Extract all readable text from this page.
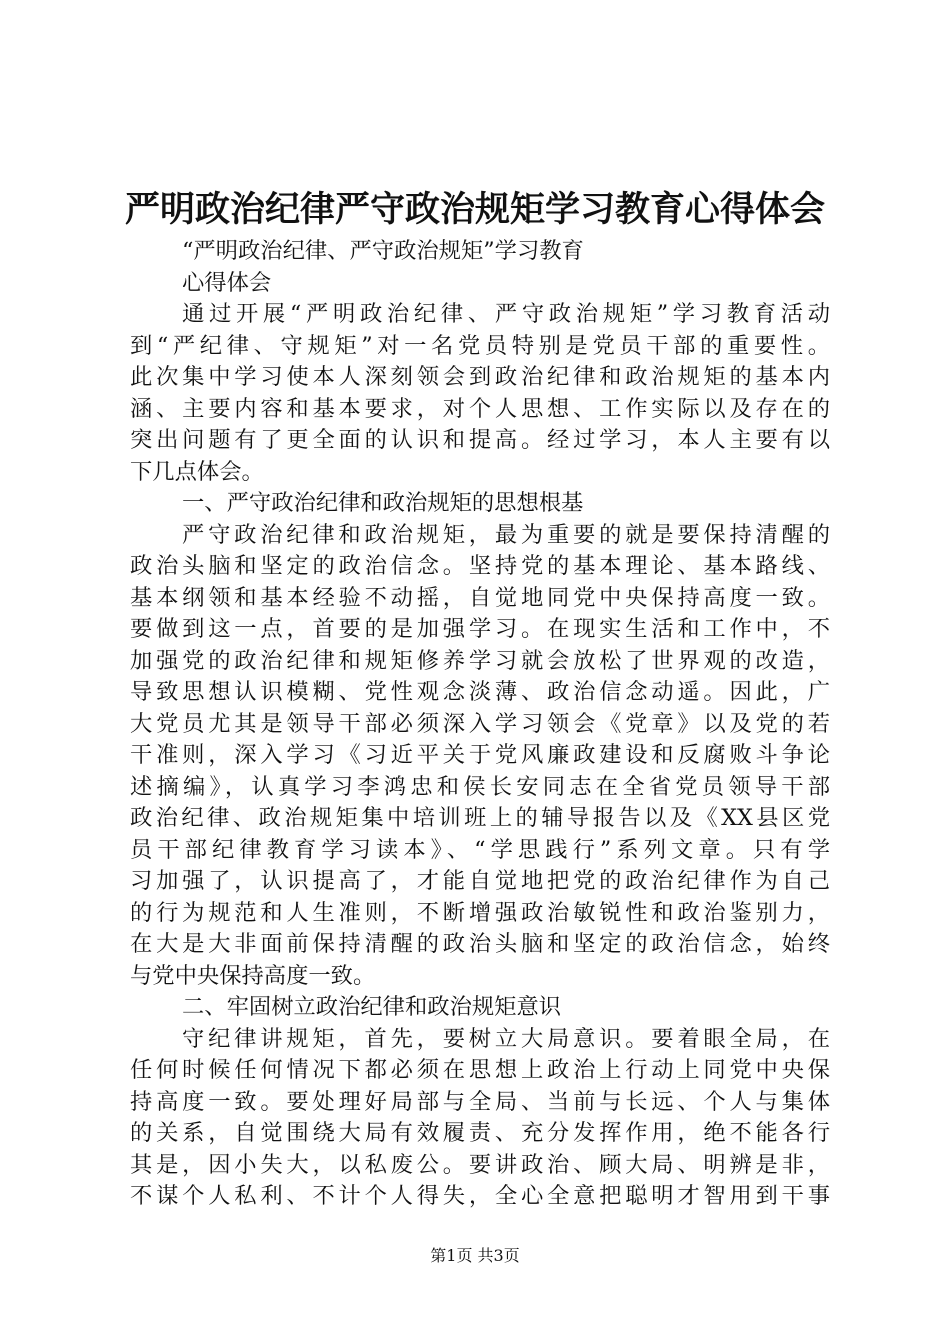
严明政治纪律严守政治规矩学习教育心得体会
“严明政治纪律、严守政治规矩”学习教育
心得体会
通过开展“严明政治纪律、严守政治规矩”学习教育活动
到“严纪律、守规矩”对一名党员特别是党员干部的重要性。
此次集中学习使本人深刻领会到政治纪律和政治规矩的基本内
涵、主要内容和基本要求，对个人思想、工作实际以及存在的
突出问题有了更全面的认识和提高。经过学习，本人主要有以
下几点体会。
一、严守政治纪律和政治规矩的思想根基
严守政治纪律和政治规矩，最为重要的就是要保持清醒的
政治头脑和坚定的政治信念。坚持党的基本理论、基本路线、
基本纲领和基本经验不动摇，自觉地同党中央保持高度一致。
要做到这一点，首要的是加强学习。在现实生活和工作中，不
加强党的政治纪律和规矩修养学习就会放松了世界观的改造，
导致思想认识模糊、党性观念淡薄、政治信念动遥。因此，广
大党员尤其是领导干部必须深入学习领会《党章》以及党的若
干准则，深入学习《习近平关于党风廉政建设和反腐败斗争论
述摘编》，认真学习李鸿忠和侯长安同志在全省党员领导干部
政治纪律、政治规矩集中培训班上的辅导报告以及《XX县区党
员干部纪律教育学习读本》、“学思践行”系列文章。只有学
习加强了，认识提高了，才能自觉地把党的政治纪律作为自己
的行为规范和人生准则，不断增强政治敏锐性和政治鉴别力，
在大是大非面前保持清醒的政治头脑和坚定的政治信念，始终
与党中央保持高度一致。
二、牢固树立政治纪律和政治规矩意识
守纪律讲规矩，首先，要树立大局意识。要着眼全局，在
任何时候任何情况下都必须在思想上政治上行动上同党中央保
持高度一致。要处理好局部与全局、当前与长远、个人与集体
的关系，自觉围绕大局有效履责、充分发挥作用，绝不能各行
其是，因小失大，以私废公。要讲政治、顾大局、明辨是非，
不谋个人私利、不计个人得失，全心全意把聪明才智用到干事
第1页 共3页
